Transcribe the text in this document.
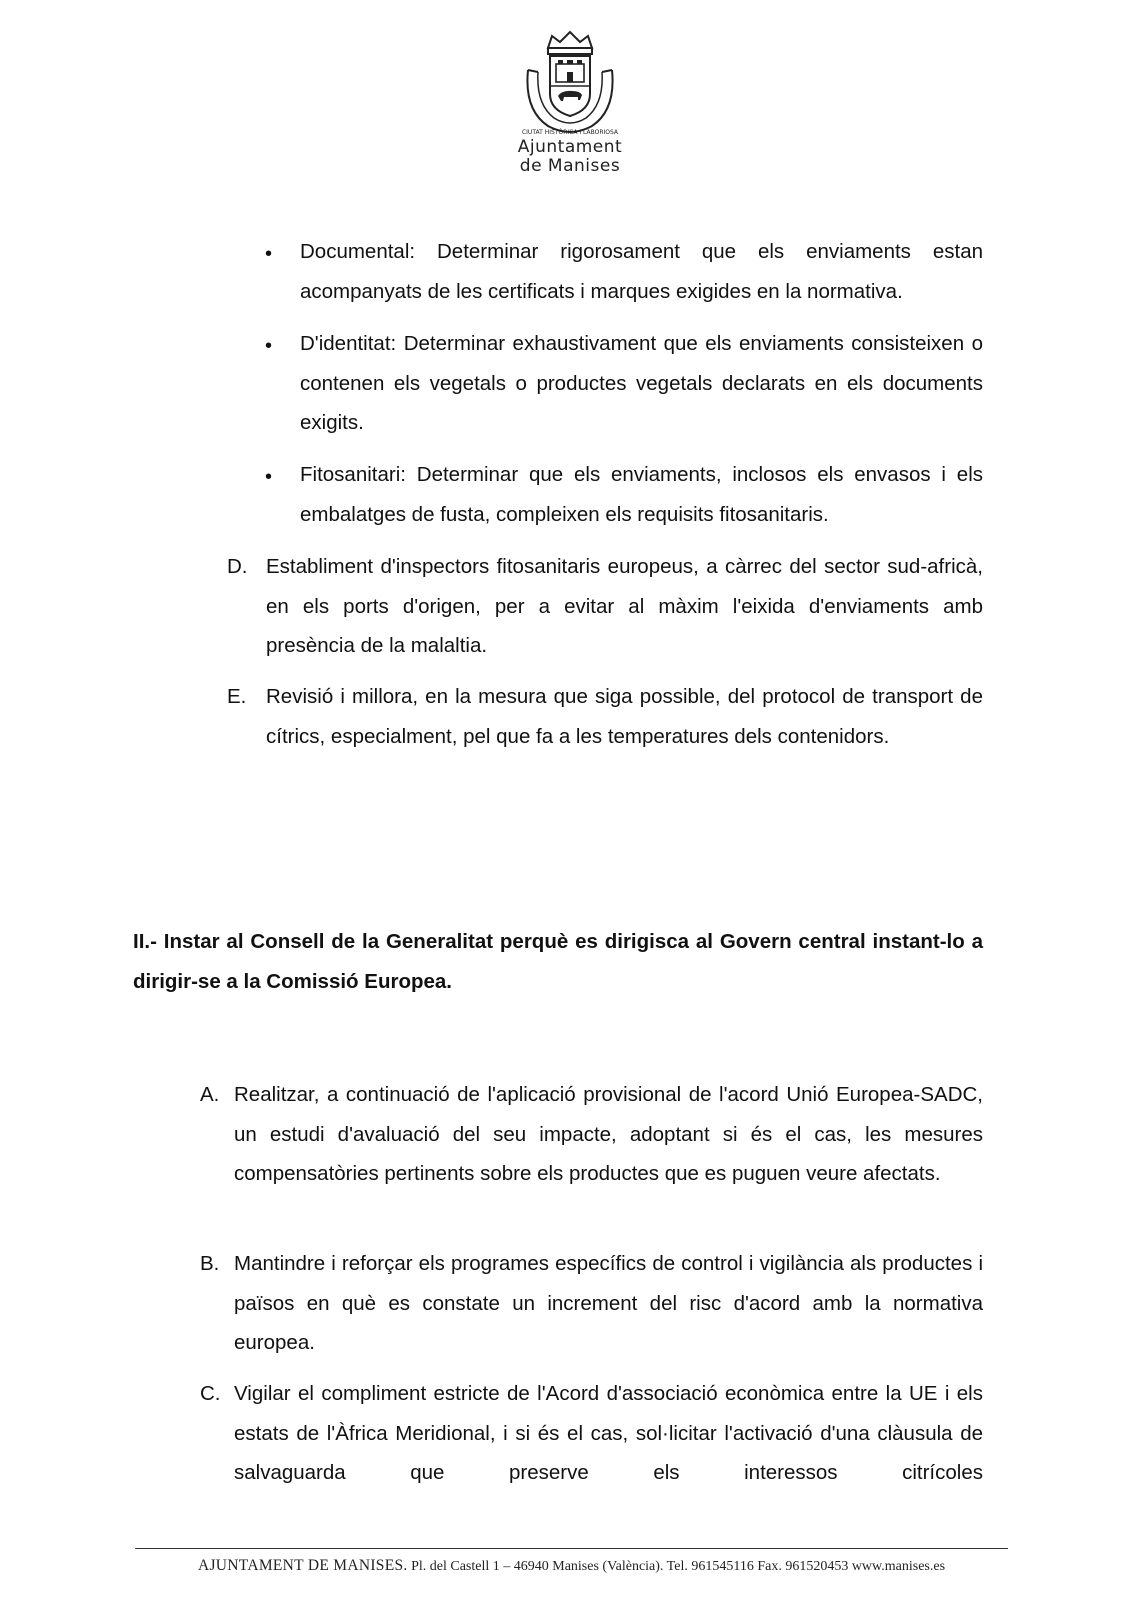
CIUTAT HISTÒRICA I LABORIOSA
Ajuntament
de Manises
• Documental: Determinar rigorosament que els enviaments estan acompanyats de les certificats i marques exigides en la normativa.
• D'identitat: Determinar exhaustivament que els enviaments consisteixen o contenen els vegetals o productes vegetals declarats en els documents exigits.
• Fitosanitari: Determinar que els enviaments, inclosos els envasos i els embalatges de fusta, compleixen els requisits fitosanitaris.
D. Establiment d'inspectors fitosanitaris europeus, a càrrec del sector sud-africà, en els ports d'origen, per a evitar al màxim l'eixida d'enviaments amb presència de la malaltia.
E. Revisió i millora, en la mesura que siga possible, del protocol de transport de cítrics, especialment, pel que fa a les temperatures dels contenidors.
II.- Instar al Consell de la Generalitat perquè es dirigisca al Govern central instant-lo a dirigir-se a la Comissió Europea.
A. Realitzar, a continuació de l'aplicació provisional de l'acord Unió Europea-SADC, un estudi d'avaluació del seu impacte, adoptant si és el cas, les mesures compensatòries pertinents sobre els productes que es puguen veure afectats.
B. Mantindre i reforçar els programes específics de control i vigilància als productes i països en què es constate un increment del risc d'acord amb la normativa europea.
C. Vigilar el compliment estricte de l'Acord d'associació econòmica entre la UE i els estats de l'Àfrica Meridional, i si és el cas, sol·licitar l'activació d'una clàusula de salvaguarda que preserve els interessos citrícoles
AJUNTAMENT DE MANISES. Pl. del Castell 1 – 46940 Manises (València). Tel. 961545116 Fax. 961520453 www.manises.es
